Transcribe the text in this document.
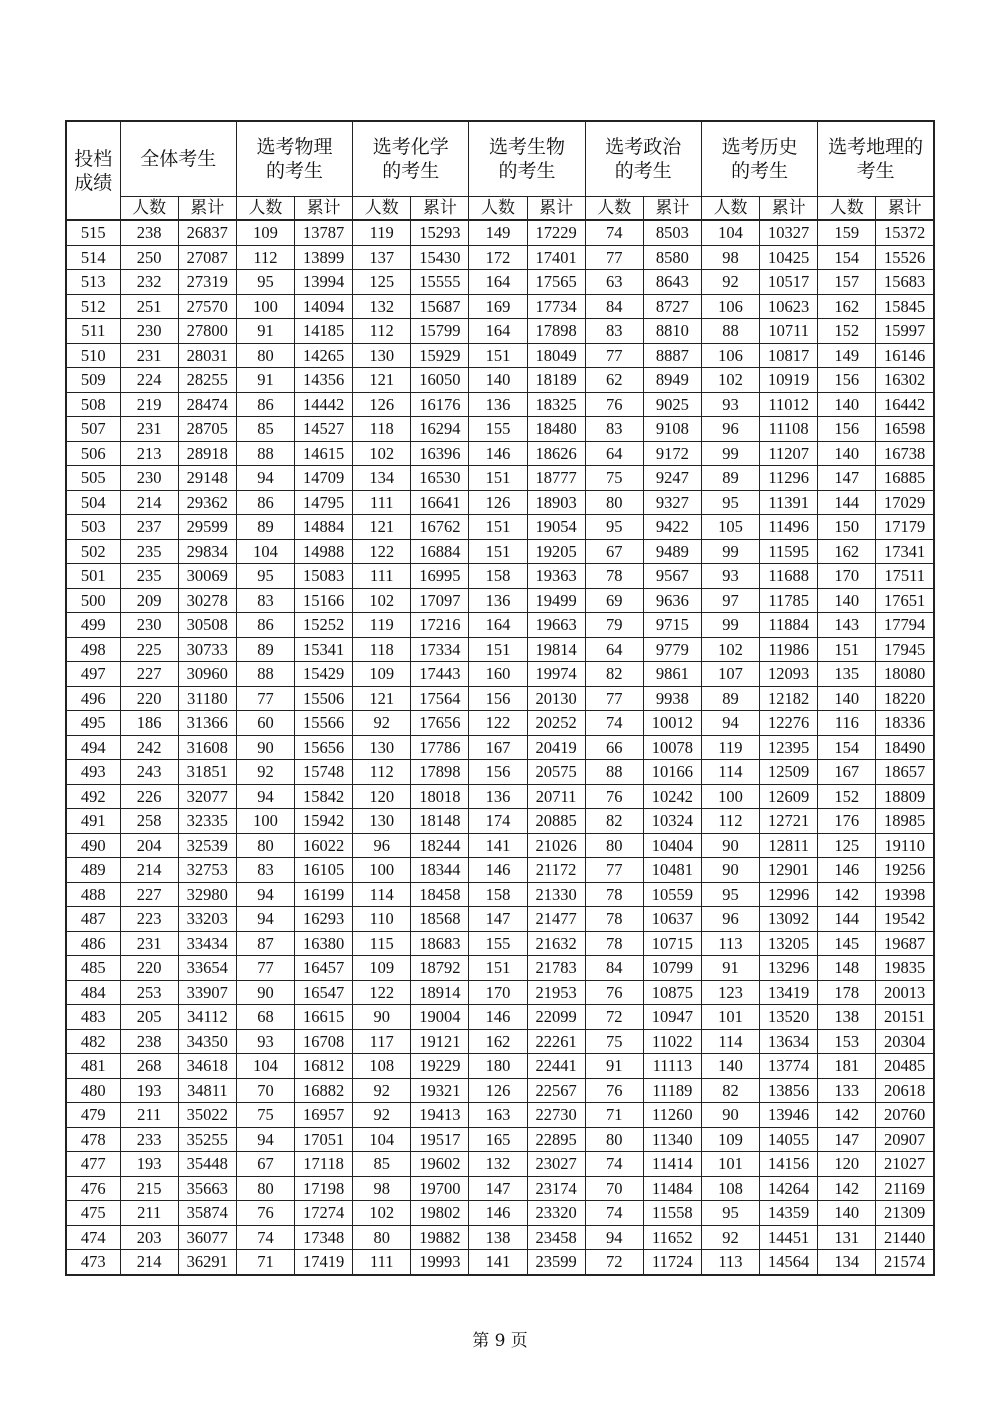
投档成绩	全体考生		选考物理的考生		选考化学的考生		选考生物的考生		选考政治的考生		选考历史的考生		选考地理的考生	
	人数	累计	人数	累计	人数	累计	人数	累计	人数	累计	人数	累计	人数	累计
515	238	26837	109	13787	119	15293	149	17229	74	8503	104	10327	159	15372
514	250	27087	112	13899	137	15430	172	17401	77	8580	98	10425	154	15526
513	232	27319	95	13994	125	15555	164	17565	63	8643	92	10517	157	15683
512	251	27570	100	14094	132	15687	169	17734	84	8727	106	10623	162	15845
511	230	27800	91	14185	112	15799	164	17898	83	8810	88	10711	152	15997
510	231	28031	80	14265	130	15929	151	18049	77	8887	106	10817	149	16146
509	224	28255	91	14356	121	16050	140	18189	62	8949	102	10919	156	16302
508	219	28474	86	14442	126	16176	136	18325	76	9025	93	11012	140	16442
507	231	28705	85	14527	118	16294	155	18480	83	9108	96	11108	156	16598
506	213	28918	88	14615	102	16396	146	18626	64	9172	99	11207	140	16738
505	230	29148	94	14709	134	16530	151	18777	75	9247	89	11296	147	16885
504	214	29362	86	14795	111	16641	126	18903	80	9327	95	11391	144	17029
503	237	29599	89	14884	121	16762	151	19054	95	9422	105	11496	150	17179
502	235	29834	104	14988	122	16884	151	19205	67	9489	99	11595	162	17341
501	235	30069	95	15083	111	16995	158	19363	78	9567	93	11688	170	17511
500	209	30278	83	15166	102	17097	136	19499	69	9636	97	11785	140	17651
499	230	30508	86	15252	119	17216	164	19663	79	9715	99	11884	143	17794
498	225	30733	89	15341	118	17334	151	19814	64	9779	102	11986	151	17945
497	227	30960	88	15429	109	17443	160	19974	82	9861	107	12093	135	18080
496	220	31180	77	15506	121	17564	156	20130	77	9938	89	12182	140	18220
495	186	31366	60	15566	92	17656	122	20252	74	10012	94	12276	116	18336
494	242	31608	90	15656	130	17786	167	20419	66	10078	119	12395	154	18490
493	243	31851	92	15748	112	17898	156	20575	88	10166	114	12509	167	18657
492	226	32077	94	15842	120	18018	136	20711	76	10242	100	12609	152	18809
491	258	32335	100	15942	130	18148	174	20885	82	10324	112	12721	176	18985
490	204	32539	80	16022	96	18244	141	21026	80	10404	90	12811	125	19110
489	214	32753	83	16105	100	18344	146	21172	77	10481	90	12901	146	19256
488	227	32980	94	16199	114	18458	158	21330	78	10559	95	12996	142	19398
487	223	33203	94	16293	110	18568	147	21477	78	10637	96	13092	144	19542
486	231	33434	87	16380	115	18683	155	21632	78	10715	113	13205	145	19687
485	220	33654	77	16457	109	18792	151	21783	84	10799	91	13296	148	19835
484	253	33907	90	16547	122	18914	170	21953	76	10875	123	13419	178	20013
483	205	34112	68	16615	90	19004	146	22099	72	10947	101	13520	138	20151
482	238	34350	93	16708	117	19121	162	22261	75	11022	114	13634	153	20304
481	268	34618	104	16812	108	19229	180	22441	91	11113	140	13774	181	20485
480	193	34811	70	16882	92	19321	126	22567	76	11189	82	13856	133	20618
479	211	35022	75	16957	92	19413	163	22730	71	11260	90	13946	142	20760
478	233	35255	94	17051	104	19517	165	22895	80	11340	109	14055	147	20907
477	193	35448	67	17118	85	19602	132	23027	74	11414	101	14156	120	21027
476	215	35663	80	17198	98	19700	147	23174	70	11484	108	14264	142	21169
475	211	35874	76	17274	102	19802	146	23320	74	11558	95	14359	140	21309
474	203	36077	74	17348	80	19882	138	23458	94	11652	92	14451	131	21440
473	214	36291	71	17419	111	19993	141	23599	72	11724	113	14564	134	21574
第 9 页
